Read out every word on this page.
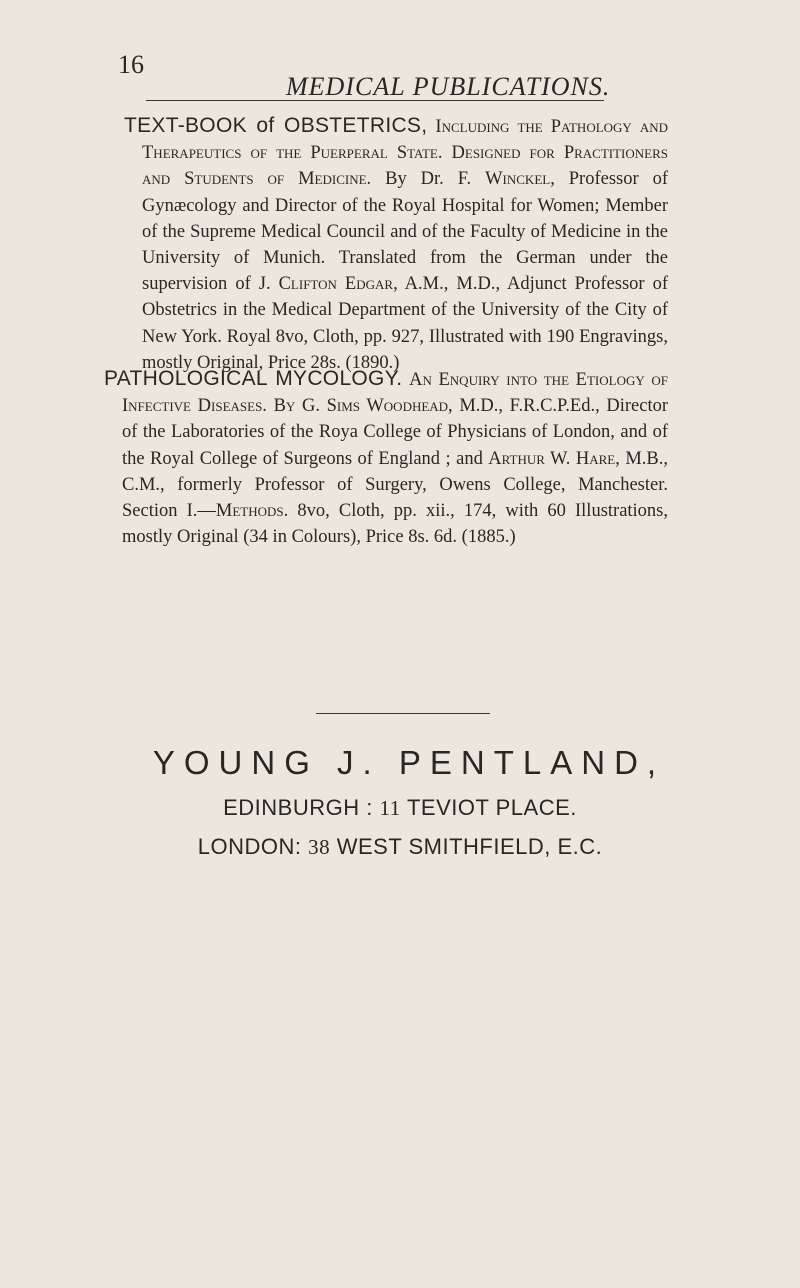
16
MEDICAL PUBLICATIONS.
TEXT-BOOK of OBSTETRICS, Including the Pathology and Therapeutics of the Puerperal State. Designed for Practitioners and Students of Medicine. By Dr. F. Winckel, Professor of Gynæcology and Director of the Royal Hospital for Women; Member of the Supreme Medical Council and of the Faculty of Medicine in the University of Munich. Translated from the German under the supervision of J. Clifton Edgar, A.M., M.D., Adjunct Professor of Obstetrics in the Medical Department of the University of the City of New York. Royal 8vo, Cloth, pp. 927, Illustrated with 190 Engravings, mostly Original, Price 28s. (1890.)
PATHOLOGICAL MYCOLOGY. An Enquiry into the Etiology of Infective Diseases. By G. Sims Woodhead, M.D., F.R.C.P.Ed., Director of the Laboratories of the Roya College of Physicians of London, and of the Royal College of Surgeons of England ; and Arthur W. Hare, M.B., C.M., formerly Professor of Surgery, Owens College, Manchester. Section I.—Methods. 8vo, Cloth, pp. xii., 174, with 60 Illustrations, mostly Original (34 in Colours), Price 8s. 6d. (1885.)
YOUNG J. PENTLAND,
EDINBURGH : 11 TEVIOT PLACE.
LONDON: 38 WEST SMITHFIELD, E.C.
